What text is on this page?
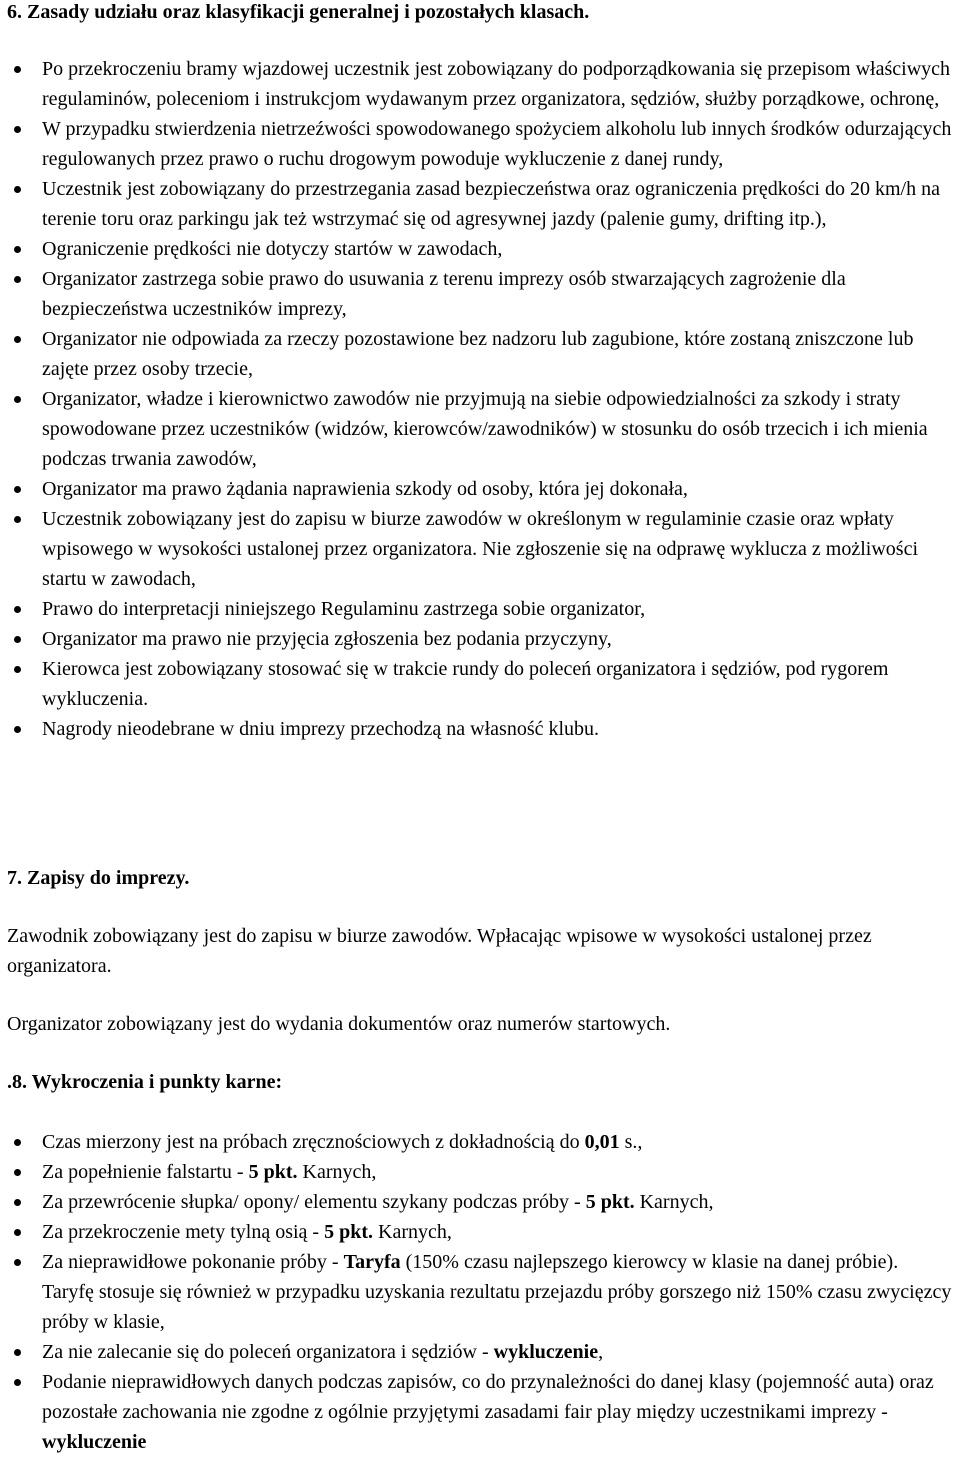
6. Zasady udziału oraz klasyfikacji generalnej i pozostałych klasach.
Po przekroczeniu bramy wjazdowej uczestnik jest zobowiązany do podporządkowania się przepisom właściwych regulaminów, poleceniom i instrukcjom wydawanym przez organizatora, sędziów, służby porządkowe, ochronę,
W przypadku stwierdzenia nietrzeźwości spowodowanego spożyciem alkoholu lub innych środków odurzających regulowanych przez prawo o ruchu drogowym powoduje wykluczenie z danej rundy,
Uczestnik jest zobowiązany do przestrzegania zasad bezpieczeństwa oraz ograniczenia prędkości do 20 km/h na terenie toru oraz parkingu jak też wstrzymać się od agresywnej jazdy (palenie gumy, drifting itp.),
Ograniczenie prędkości nie dotyczy startów w zawodach,
Organizator zastrzega sobie prawo do usuwania z terenu imprezy osób stwarzających zagrożenie dla bezpieczeństwa uczestników imprezy,
Organizator nie odpowiada za rzeczy pozostawione bez nadzoru lub zagubione, które zostaną zniszczone lub zajęte przez osoby trzecie,
Organizator, władze i kierownictwo zawodów nie przyjmują na siebie odpowiedzialności za szkody i straty spowodowane przez uczestników (widzów, kierowców/zawodników) w stosunku do osób trzecich i ich mienia podczas trwania zawodów,
Organizator ma prawo żądania naprawienia szkody od osoby, która jej dokonała,
Uczestnik zobowiązany jest do zapisu w biurze zawodów w określonym w regulaminie czasie oraz wpłaty wpisowego w wysokości ustalonej przez organizatora. Nie zgłoszenie się na odprawę wyklucza z możliwości startu w zawodach,
Prawo do interpretacji niniejszego Regulaminu zastrzega sobie organizator,
Organizator ma prawo nie przyjęcia zgłoszenia bez podania przyczyny,
Kierowca jest zobowiązany stosować się w trakcie rundy do poleceń organizatora i sędziów, pod rygorem wykluczenia.
Nagrody nieodebrane w dniu imprezy przechodzą na własność klubu.
7. Zapisy do imprezy.

Zawodnik zobowiązany jest do zapisu w biurze zawodów. Wpłacając wpisowe w wysokości ustalonej przez organizatora.

Organizator zobowiązany jest do wydania dokumentów oraz numerów startowych.

.8. Wykroczenia i punkty karne:
Czas mierzony jest na próbach zręcznościowych z dokładnością do 0,01 s.,
Za popełnienie falstartu - 5 pkt. Karnych,
Za przewrócenie słupka/ opony/ elementu szykany podczas próby - 5 pkt. Karnych,
Za przekroczenie mety tylną osią - 5 pkt. Karnych,
Za nieprawidłowe pokonanie próby - Taryfa (150% czasu najlepszego kierowcy w klasie na danej próbie). Taryfę stosuje się również w przypadku uzyskania rezultatu przejazdu próby gorszego niż 150% czasu zwycięzcy próby w klasie,
Za nie zalecanie się do poleceń organizatora i sędziów - wykluczenie,
Podanie nieprawidłowych danych podczas zapisów, co do przynależności do danej klasy (pojemność auta) oraz pozostałe zachowania nie zgodne z ogólnie przyjętymi zasadami fair play między uczestnikami imprezy - wykluczenie
